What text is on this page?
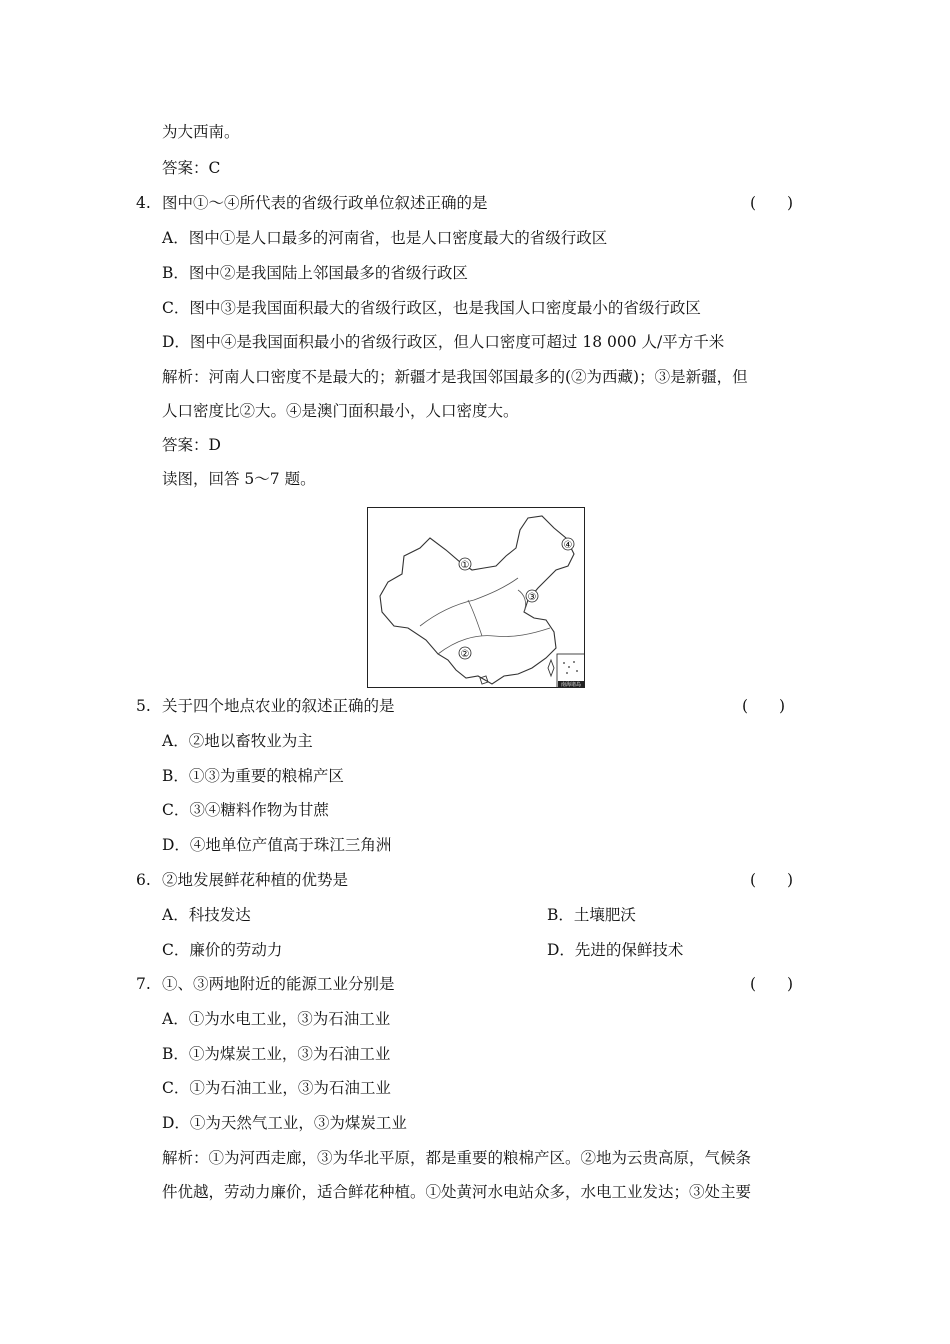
为大西南。
答案：C
4. 图中①～④所代表的省级行政单位叙述正确的是	(　　)
A．图中①是人口最多的河南省，也是人口密度最大的省级行政区
B．图中②是我国陆上邻国最多的省级行政区
C．图中③是我国面积最大的省级行政区，也是我国人口密度最小的省级行政区
D．图中④是我国面积最小的省级行政区，但人口密度可超过 18 000 人/平方千米
解析：河南人口密度不是最大的；新疆才是我国邻国最多的(②为西藏)；③是新疆，但
人口密度比②大。④是澳门面积最小，人口密度大。
答案：D
读图，回答 5～7 题。
①
②
③
④
南海诸岛
5. 关于四个地点农业的叙述正确的是	(　　)
A．②地以畜牧业为主
B．①③为重要的粮棉产区
C．③④糖料作物为甘蔗
D．④地单位产值高于珠江三角洲
6. ②地发展鲜花种植的优势是	(　　)
A．科技发达	B．土壤肥沃
C．廉价的劳动力	D．先进的保鲜技术
7. ①、③两地附近的能源工业分别是	(　　)
A．①为水电工业，③为石油工业
B．①为煤炭工业，③为石油工业
C．①为石油工业，③为石油工业
D．①为天然气工业，③为煤炭工业
解析：①为河西走廊，③为华北平原，都是重要的粮棉产区。②地为云贵高原，气候条
件优越，劳动力廉价，适合鲜花种植。①处黄河水电站众多，水电工业发达；③处主要
